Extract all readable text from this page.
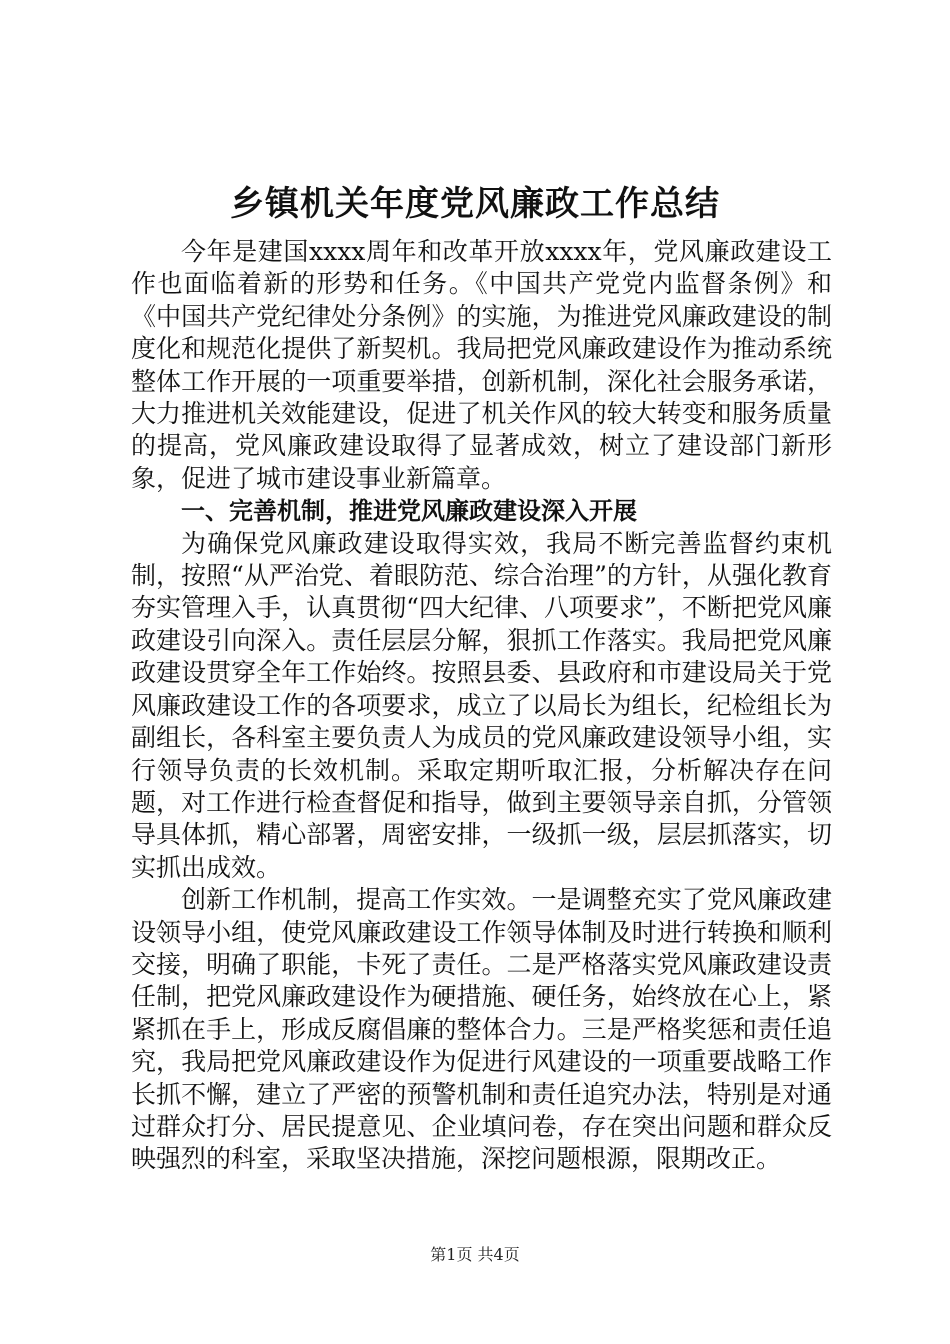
乡镇机关年度党风廉政工作总结

今年是建国xxxx周年和改革开放xxxx年，党风廉政建设工作也面临着新的形势和任务。《中国共产党党内监督条例》和《中国共产党纪律处分条例》的实施，为推进党风廉政建设的制度化和规范化提供了新契机。我局把党风廉政建设作为推动系统整体工作开展的一项重要举措，创新机制，深化社会服务承诺，大力推进机关效能建设，促进了机关作风的较大转变和服务质量的提高，党风廉政建设取得了显著成效，树立了建设部门新形象，促进了城市建设事业新篇章。

一、完善机制，推进党风廉政建设深入开展

为确保党风廉政建设取得实效，我局不断完善监督约束机制，按照“从严治党、着眼防范、综合治理”的方针，从强化教育夯实管理入手，认真贯彻“四大纪律、八项要求”，不断把党风廉政建设引向深入。责任层层分解，狠抓工作落实。我局把党风廉政建设贯穿全年工作始终。按照县委、县政府和市建设局关于党风廉政建设工作的各项要求，成立了以局长为组长，纪检组长为副组长，各科室主要负责人为成员的党风廉政建设领导小组，实行领导负责的长效机制。采取定期听取汇报，分析解决存在问题，对工作进行检查督促和指导，做到主要领导亲自抓，分管领导具体抓，精心部署，周密安排，一级抓一级，层层抓落实，切实抓出成效。

创新工作机制，提高工作实效。一是调整充实了党风廉政建设领导小组，使党风廉政建设工作领导体制及时进行转换和顺利交接，明确了职能，卡死了责任。二是严格落实党风廉政建设责任制，把党风廉政建设作为硬措施、硬任务，始终放在心上，紧紧抓在手上，形成反腐倡廉的整体合力。三是严格奖惩和责任追究，我局把党风廉政建设作为促进行风建设的一项重要战略工作长抓不懈，建立了严密的预警机制和责任追究办法，特别是对通过群众打分、居民提意见、企业填问卷，存在突出问题和群众反映强烈的科室，采取坚决措施，深挖问题根源，限期改正。

第1页 共4页
